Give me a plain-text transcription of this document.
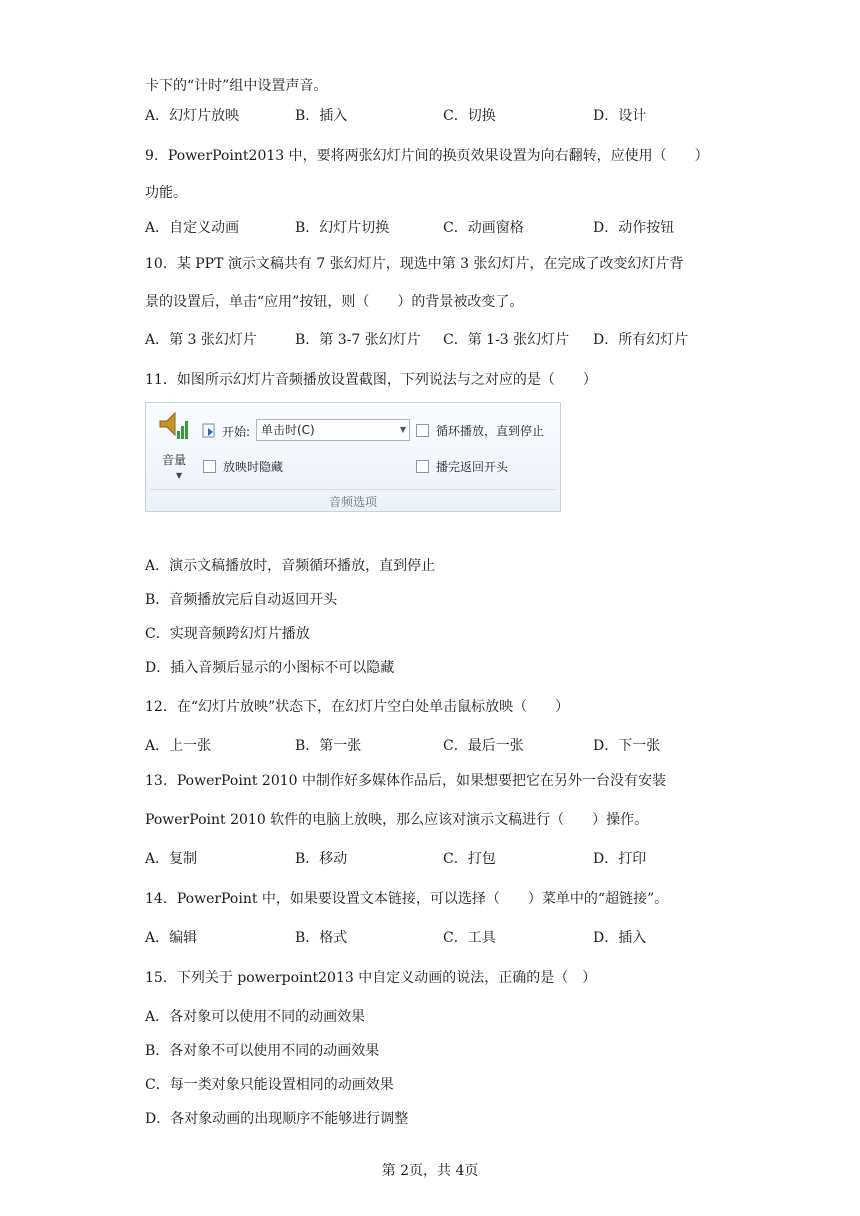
卡下的“计时”组中设置声音。
A．幻灯片放映	B．插入	C．切换	D．设计
9．PowerPoint2013 中，要将两张幻灯片间的换页效果设置为向右翻转，应使用（　　）
功能。
A．自定义动画	B．幻灯片切换	C．动画窗格	D．动作按钮
10．某 PPT 演示文稿共有 7 张幻灯片，现选中第 3 张幻灯片，在完成了改变幻灯片背
景的设置后，单击“应用”按钮，则（　　）的背景被改变了。
A．第 3 张幻灯片	B．第 3-7 张幻灯片 C．第 1-3 张幻灯片 D．所有幻灯片
11．如图所示幻灯片音频播放设置截图，下列说法与之对应的是（　　）
音量
▼
开始: 单击时(C)	▼
放映时隐藏
循环播放，直到停止
播完返回开头
音频选项
A．演示文稿播放时，音频循环播放，直到停止
B．音频播放完后自动返回开头
C．实现音频跨幻灯片播放
D．插入音频后显示的小图标不可以隐藏
12．在“幻灯片放映”状态下，在幻灯片空白处单击鼠标放映（　　）
A．上一张	B．第一张	C．最后一张	D．下一张
13．PowerPoint 2010 中制作好多媒体作品后，如果想要把它在另外一台没有安装
PowerPoint 2010 软件的电脑上放映，那么应该对演示文稿进行（　　）操作。
A．复制	B．移动	C．打包	D．打印
14．PowerPoint 中，如果要设置文本链接，可以选择（　　）菜单中的“超链接”。
A．编辑	B．格式	C．工具	D．插入
15．下列关于 powerpoint2013 中自定义动画的说法，正确的是（　）
A．各对象可以使用不同的动画效果
B．各对象不可以使用不同的动画效果
C．每一类对象只能设置相同的动画效果
D．各对象动画的出现顺序不能够进行调整
第 2页，共 4页
